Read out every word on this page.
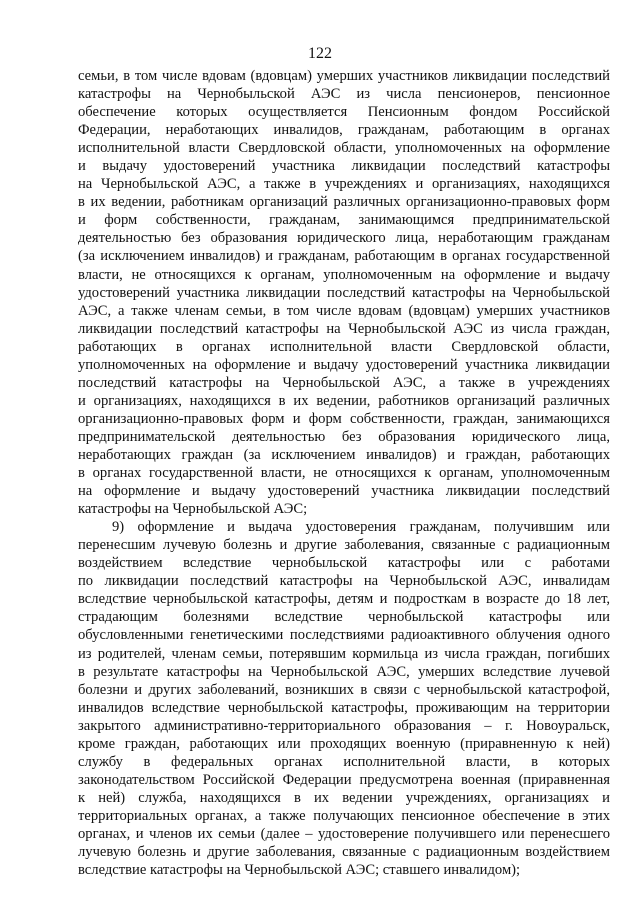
122
семьи, в том числе вдовам (вдовцам) умерших участников ликвидации последствий
катастрофы на Чернобыльской АЭС из числа пенсионеров, пенсионное
обеспечение которых осуществляется Пенсионным фондом Российской
Федерации, неработающих инвалидов, гражданам, работающим в органах
исполнительной власти Свердловской области, уполномоченных на оформление
и выдачу удостоверений участника ликвидации последствий катастрофы
на Чернобыльской АЭС, а также в учреждениях и организациях, находящихся
в их ведении, работникам организаций различных организационно-правовых форм
и форм собственности, гражданам, занимающимся предпринимательской
деятельностью без образования юридического лица, неработающим гражданам
(за исключением инвалидов) и гражданам, работающим в органах государственной
власти, не относящихся к органам, уполномоченным на оформление и выдачу
удостоверений участника ликвидации последствий катастрофы на Чернобыльской
АЭС, а также членам семьи, в том числе вдовам (вдовцам) умерших участников
ликвидации последствий катастрофы на Чернобыльской АЭС из числа граждан,
работающих в органах исполнительной власти Свердловской области,
уполномоченных на оформление и выдачу удостоверений участника ликвидации
последствий катастрофы на Чернобыльской АЭС, а также в учреждениях
и организациях, находящихся в их ведении, работников организаций различных
организационно-правовых форм и форм собственности, граждан, занимающихся
предпринимательской деятельностью без образования юридического лица,
неработающих граждан (за исключением инвалидов) и граждан, работающих
в органах государственной власти, не относящихся к органам, уполномоченным
на оформление и выдачу удостоверений участника ликвидации последствий
катастрофы на Чернобыльской АЭС;
9) оформление и выдача удостоверения гражданам, получившим или
перенесшим лучевую болезнь и другие заболевания, связанные с радиационным
воздействием вследствие чернобыльской катастрофы или с работами
по ликвидации последствий катастрофы на Чернобыльской АЭС, инвалидам
вследствие чернобыльской катастрофы, детям и подросткам в возрасте до 18 лет,
страдающим болезнями вследствие чернобыльской катастрофы или
обусловленными генетическими последствиями радиоактивного облучения одного
из родителей, членам семьи, потерявшим кормильца из числа граждан, погибших
в результате катастрофы на Чернобыльской АЭС, умерших вследствие лучевой
болезни и других заболеваний, возникших в связи с чернобыльской катастрофой,
инвалидов вследствие чернобыльской катастрофы, проживающим на территории
закрытого административно-территориального образования – г. Новоуральск,
кроме граждан, работающих или проходящих военную (приравненную к ней)
службу в федеральных органах исполнительной власти, в которых
законодательством Российской Федерации предусмотрена военная (приравненная
к ней) служба, находящихся в их ведении учреждениях, организациях и
территориальных органах, а также получающих пенсионное обеспечение в этих
органах, и членов их семьи (далее – удостоверение получившего или перенесшего
лучевую болезнь и другие заболевания, связанные с радиационным воздействием
вследствие катастрофы на Чернобыльской АЭС; ставшего инвалидом);
